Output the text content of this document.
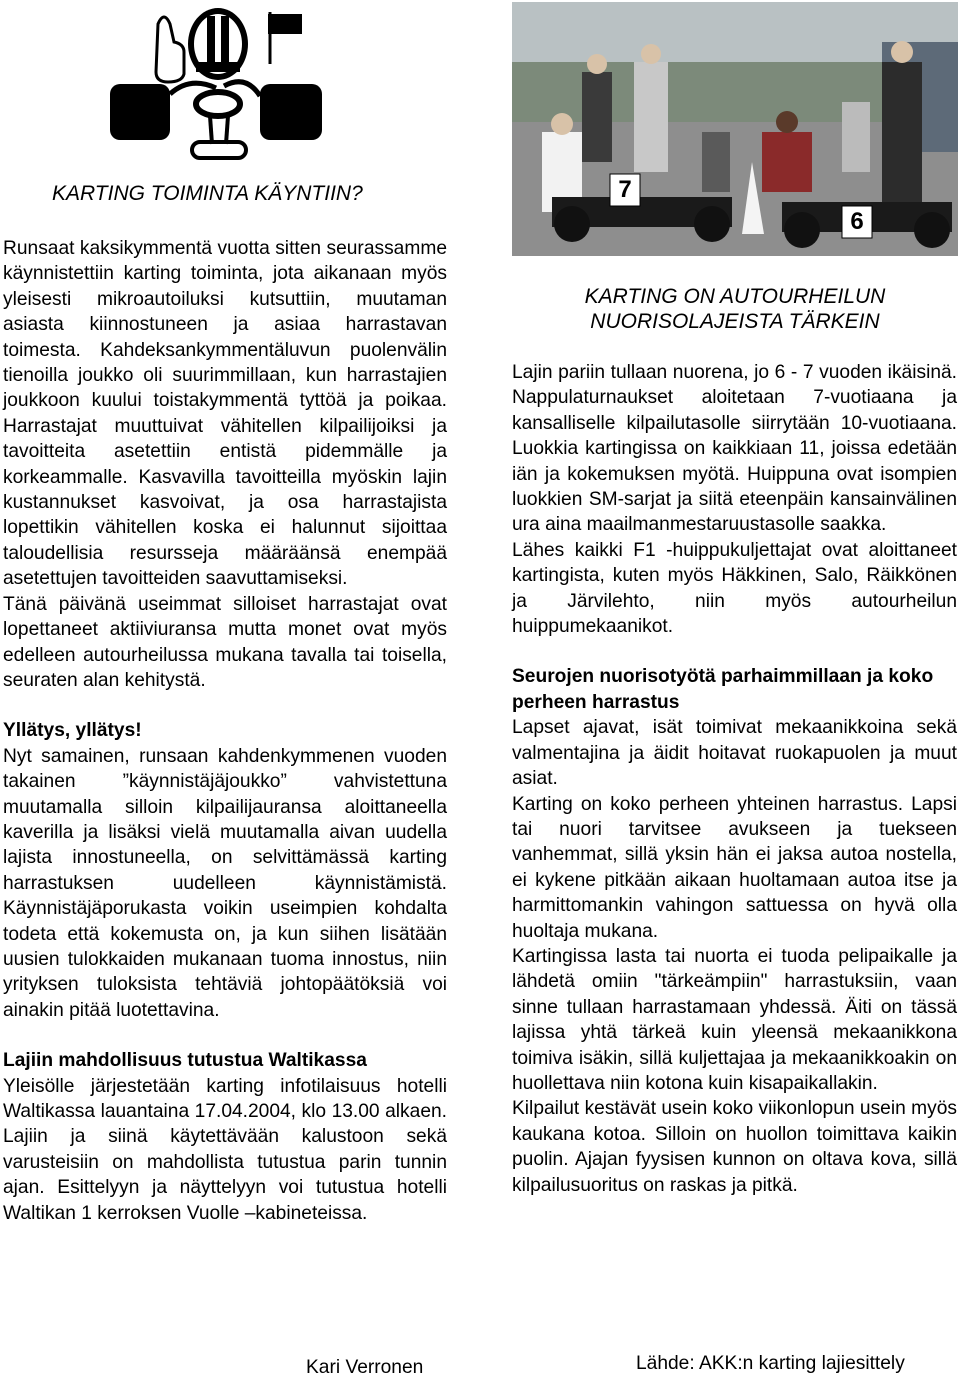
7
6
KARTING TOIMINTA KÄYNTIIN?

Runsaat kaksikymmentä vuotta sitten seurassamme käynnistettiin karting toiminta, jota aikanaan myös yleisesti mikroautoiluksi kutsuttiin, muutaman asiasta kiinnostuneen ja asiaa harrastavan toimesta. Kahdeksankymmentäluvun puolenvälin tienoilla joukko oli suurimmillaan, kun harrastajien joukkoon kuului toistakymmentä tyttöä ja poikaa. Harrastajat muuttuivat vähitellen kilpailijoiksi ja tavoitteita asetettiin entistä pidemmälle ja korkeammalle. Kasvavilla tavoitteilla myöskin lajin kustannukset kasvoivat, ja osa harrastajista lopettikin vähitellen koska ei halunnut sijoittaa taloudellisia resursseja määräänsä enempää asetettujen tavoitteiden saavuttamiseksi.

Tänä päivänä useimmat silloiset harrastajat ovat lopettaneet aktiiviuransa mutta monet ovat myös edelleen autourheilussa mukana tavalla tai toisella, seuraten alan kehitystä.

Yllätys, yllätys!

Nyt samainen, runsaan kahdenkymmenen vuoden takainen ”käynnistäjäjoukko” vahvistettuna muutamalla silloin kilpailijauransa aloittaneella kaverilla ja lisäksi vielä muutamalla aivan uudella lajista innostuneella, on selvittämässä karting harrastuksen uudelleen käynnistämistä. Käynnistäjäporukasta voikin useimpien kohdalta todeta että kokemusta on, ja kun siihen lisätään uusien tulokkaiden mukanaan tuoma innostus, niin yrityksen tuloksista tehtäviä johtopäätöksiä voi ainakin pitää luotettavina.

Lajiin mahdollisuus tutustua Waltikassa

Yleisölle järjestetään karting infotilaisuus hotelli Waltikassa lauantaina 17.04.2004, klo 13.00 alkaen. Lajiin ja siinä käytettävään kalustoon sekä varusteisiin on mahdollista tutustua parin tunnin ajan. Esittelyyn ja näyttelyyn voi tutustua hotelli Waltikan 1 kerroksen Vuolle –kabineteissa.

Kari Verronen
KARTING ON AUTOURHEILUN
NUORISOLAJEISTA TÄRKEIN

Lajin pariin tullaan nuorena, jo 6 - 7 vuoden ikäisinä. Nappulaturnaukset aloitetaan 7-vuotiaana ja kansalliselle kilpailutasolle siirrytään 10-vuotiaana. Luokkia kartingissa on kaikkiaan 11, joissa edetään iän ja kokemuksen myötä. Huippuna ovat isompien luokkien SM-sarjat ja siitä eteenpäin kansainvälinen ura aina maailmanmestaruustasolle saakka.

Lähes kaikki F1 -huippukuljettajat ovat aloittaneet kartingista, kuten myös Häkkinen, Salo, Räikkönen ja Järvilehto, niin myös autourheilun huippumekaanikot.

Seurojen nuorisotyötä parhaimmillaan ja koko perheen harrastus

Lapset ajavat, isät toimivat mekaanikkoina sekä valmentajina ja äidit hoitavat ruokapuolen ja muut asiat.

Karting on koko perheen yhteinen harrastus. Lapsi tai nuori tarvitsee avukseen ja tuekseen vanhemmat, sillä yksin hän ei jaksa autoa nostella, ei kykene pitkään aikaan huoltamaan autoa itse ja harmittomankin vahingon sattuessa on hyvä olla huoltaja mukana.

Kartingissa lasta tai nuorta ei tuoda pelipaikalle ja lähdetä omiin "tärkeämpiin" harrastuksiin, vaan sinne tullaan harrastamaan yhdessä. Äiti on tässä lajissa yhtä tärkeä kuin yleensä mekaanikkona toimiva isäkin, sillä kuljettajaa ja mekaanikkoakin on huollettava niin kotona kuin kisapaikallakin.

Kilpailut kestävät usein koko viikonlopun usein myös kaukana kotoa. Silloin on huollon toimittava kaikin puolin. Ajajan fyysisen kunnon on oltava kova, sillä kilpailusuoritus on raskas ja pitkä.

Lähde: AKK:n karting lajiesittely
